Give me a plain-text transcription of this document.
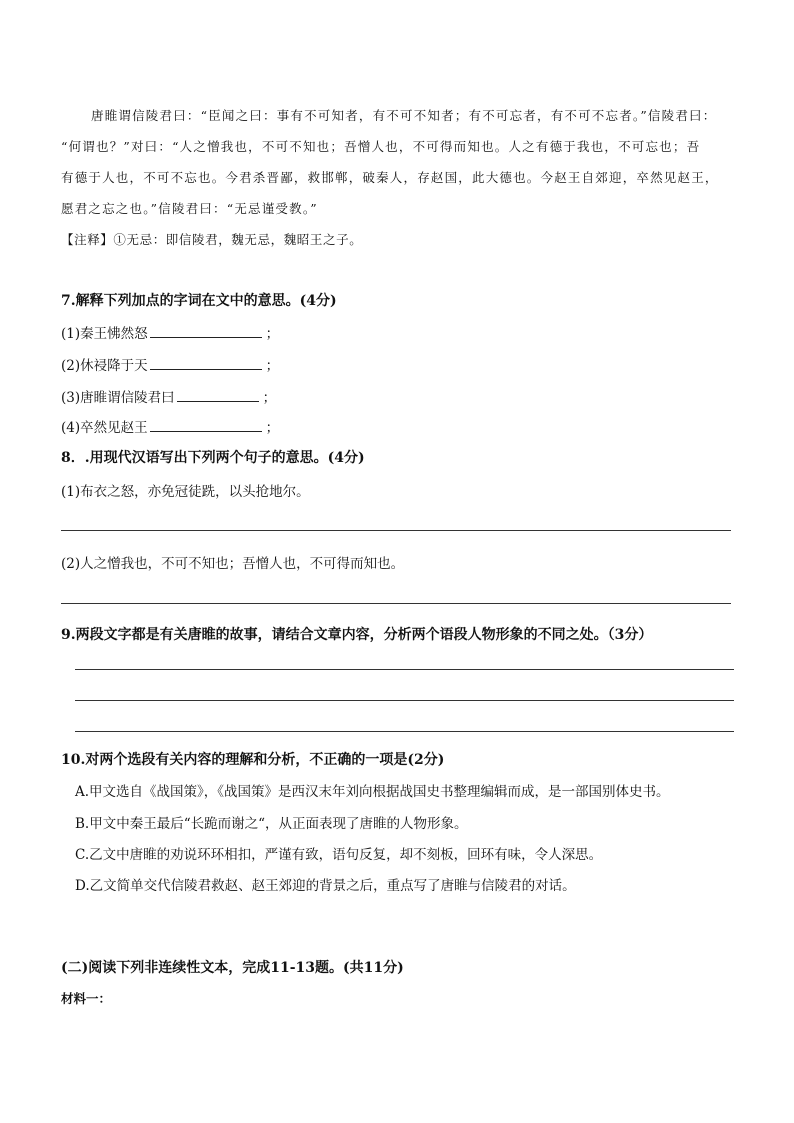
唐睢谓信陵君曰：“臣闻之曰：事有不可知者，有不可不知者；有不可忘者，有不可不忘者。”信陵君曰：
“何谓也？”对曰：“人之憎我也，不可不知也；吾憎人也，不可得而知也。人之有德于我也，不可忘也；吾
有德于人也，不可不忘也。今君杀晋鄙，救邯郸，破秦人，存赵国，此大德也。今赵王自郊迎，卒然见赵王，
愿君之忘之也。”信陵君曰：“无忌谨受教。”
【注释】①无忌：即信陵君，魏无忌，魏昭王之子。
7.解释下列加点的字词在文中的意思。(4分)
(1)秦王怫然怒	；
(2)休祲降于天	；
(3)唐睢谓信陵君曰	；
(4)卒然见赵王	；
8．.用现代汉语写出下列两个句子的意思。(4分)
(1)布衣之怒，亦免冠徒跣，以头抢地尔。
(2)人之憎我也，不可不知也；吾憎人也，不可得而知也。
9.两段文字都是有关唐睢的故事，请结合文章内容，分析两个语段人物形象的不同之处。（3分）
10.对两个选段有关内容的理解和分析，不正确的一项是(2分)
A.甲文选自《战国策》，《战国策》是西汉末年刘向根据战国史书整理编辑而成，是一部国别体史书。
B.甲文中秦王最后“长跪而谢之“，从正面表现了唐睢的人物形象。
C.乙文中唐睢的劝说环环相扣，严谨有致，语句反复，却不刻板，回环有味，令人深思。
D.乙文简单交代信陵君救赵、赵王郊迎的背景之后，重点写了唐睢与信陵君的对话。
(二)阅读下列非连续性文本，完成11-13题。(共11分)
材料一：
